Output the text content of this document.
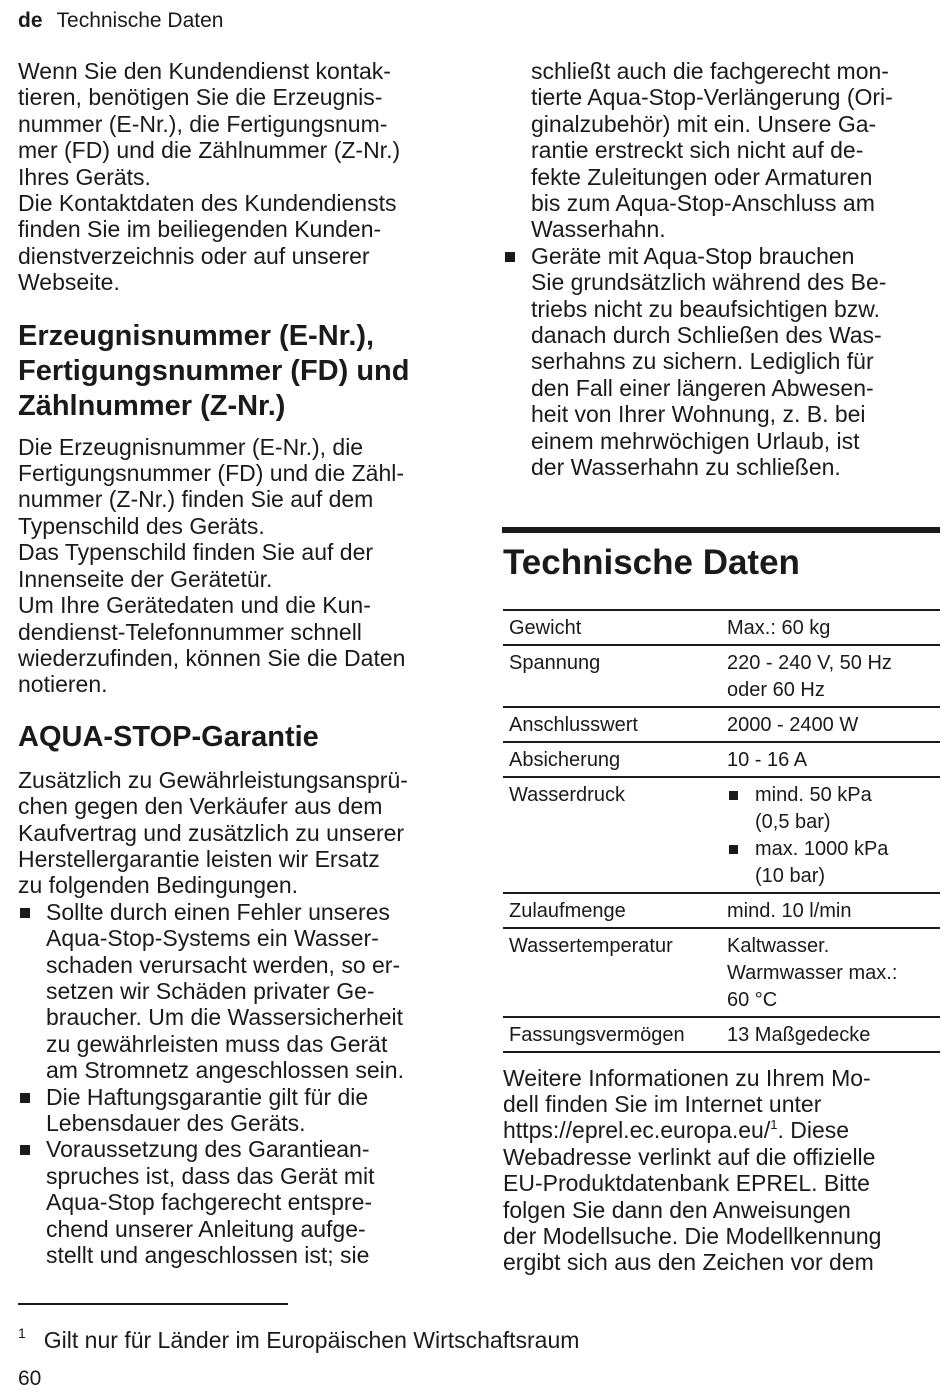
de Technische Daten

Wenn Sie den Kundendienst kontak-
tieren, benötigen Sie die Erzeugnis-
nummer (E-Nr.), die Fertigungsnum-
mer (FD) und die Zählnummer (Z-Nr.)
Ihres Geräts.
Die Kontaktdaten des Kundendiensts
finden Sie im beiliegenden Kunden-
dienstverzeichnis oder auf unserer
Webseite.

Erzeugnisnummer (E-Nr.),
Fertigungsnummer (FD) und
Zählnummer (Z-Nr.)

Die Erzeugnisnummer (E-Nr.), die
Fertigungsnummer (FD) und die Zähl-
nummer (Z-Nr.) finden Sie auf dem
Typenschild des Geräts.
Das Typenschild finden Sie auf der
Innenseite der Gerätetür.
Um Ihre Gerätedaten und die Kun-
dendienst-Telefonnummer schnell
wiederzufinden, können Sie die Daten
notieren.

AQUA-STOP-Garantie

Zusätzlich zu Gewährleistungsansprü-
chen gegen den Verkäufer aus dem
Kaufvertrag und zusätzlich zu unserer
Herstellergarantie leisten wir Ersatz
zu folgenden Bedingungen.

Sollte durch einen Fehler unseres
Aqua-Stop-Systems ein Wasser-
schaden verursacht werden, so er-
setzen wir Schäden privater Ge-
braucher. Um die Wassersicherheit
zu gewährleisten muss das Gerät
am Stromnetz angeschlossen sein.
Die Haftungsgarantie gilt für die
Lebensdauer des Geräts.
Voraussetzung des Garantiean-
spruches ist, dass das Gerät mit
Aqua-Stop fachgerecht entspre-
chend unserer Anleitung aufge-
stellt und angeschlossen ist; sie
schließt auch die fachgerecht mon-
tierte Aqua-Stop-Verlängerung (Ori-
ginalzubehör) mit ein. Unsere Ga-
rantie erstreckt sich nicht auf de-
fekte Zuleitungen oder Armaturen
bis zum Aqua-Stop-Anschluss am
Wasserhahn.
Geräte mit Aqua-Stop brauchen
Sie grundsätzlich während des Be-
triebs nicht zu beaufsichtigen bzw.
danach durch Schließen des Was-
serhahns zu sichern. Lediglich für
den Fall einer längeren Abwesen-
heit von Ihrer Wohnung, z. B. bei
einem mehrwöchigen Urlaub, ist
der Wasserhahn zu schließen.
Technische Daten
Gewicht	Max.: 60 kg
Spannung	220 - 240 V, 50 Hz
oder 60 Hz

Anschlusswert	2000 - 2400 W
Absicherung	10 - 16 A
Wasserdruck	mind. 50 kPa
(0,5 bar)
max. 1000 kPa
(10 bar)

Zulaufmenge	mind. 10 l/min
Wassertemperatur	Kaltwasser.
Warmwasser max.:
60 °C

Fassungsvermögen	13 Maßgedecke

Weitere Informationen zu Ihrem Mo-
dell finden Sie im Internet unter
https://eprel.ec.europa.eu/$^1$. Diese
Webadresse verlinkt auf die offizielle
EU-Produktdatenbank EPREL. Bitte
folgen Sie dann den Anweisungen
der Modellsuche. Die Modellkennung
ergibt sich aus den Zeichen vor dem

$^1$ Gilt nur für Länder im Europäischen Wirtschaftsraum
60
